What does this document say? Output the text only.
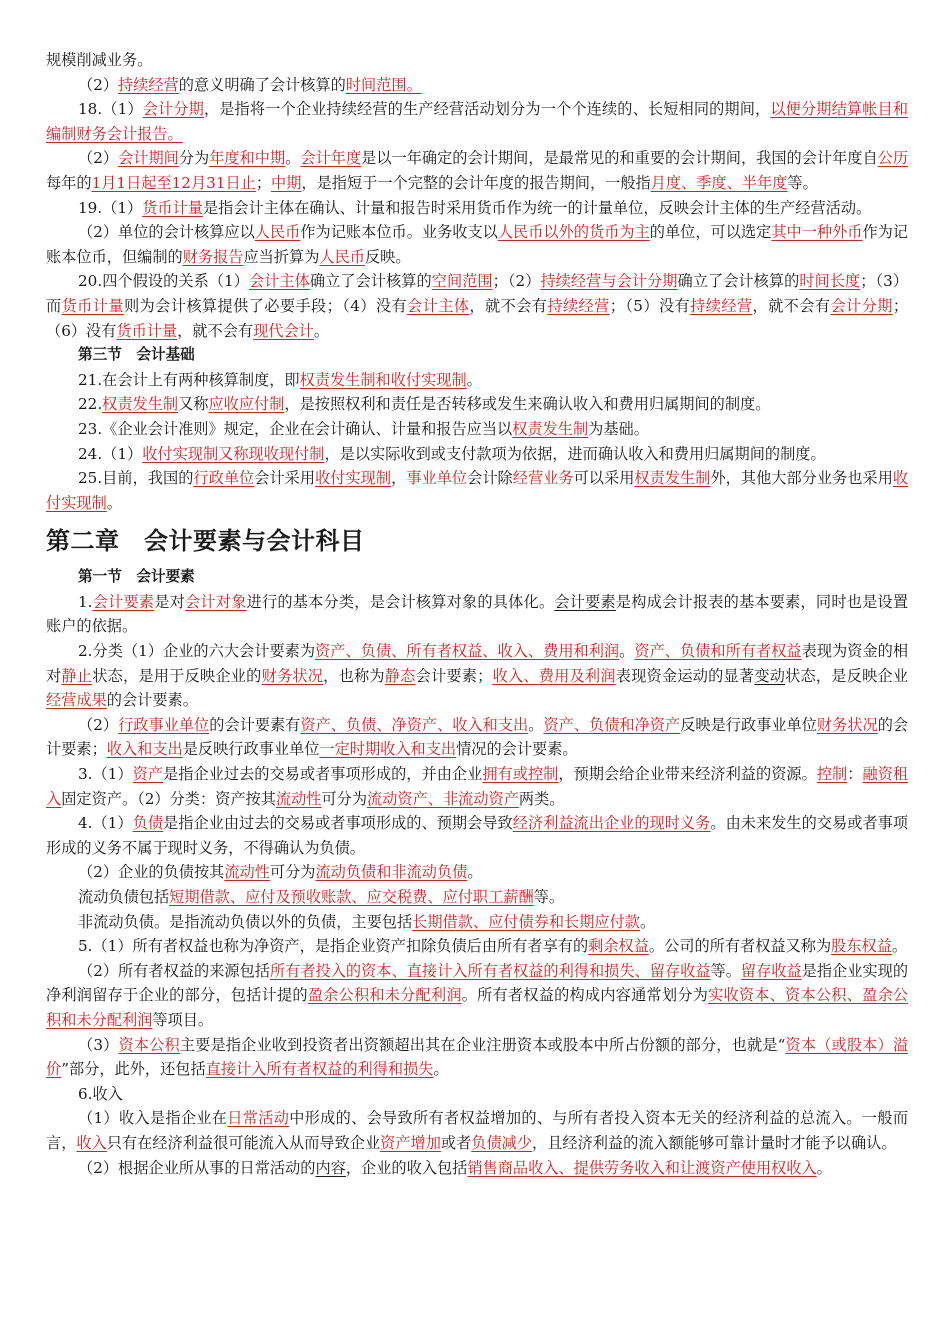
规模削减业务。

（2）持续经营的意义明确了会计核算的时间范围。

18.（1）会计分期，是指将一个企业持续经营的生产经营活动划分为一个个连续的、长短相同的期间，以便分期结算帐目和编制财务会计报告。

（2）会计期间分为年度和中期。会计年度是以一年确定的会计期间，是最常见的和重要的会计期间，我国的会计年度自公历每年的1月1日起至12月31日止；中期，是指短于一个完整的会计年度的报告期间，一般指月度、季度、半年度等。

19.（1）货币计量是指会计主体在确认、计量和报告时采用货币作为统一的计量单位，反映会计主体的生产经营活动。

（2）单位的会计核算应以人民币作为记账本位币。业务收支以人民币以外的货币为主的单位，可以选定其中一种外币作为记账本位币，但编制的财务报告应当折算为人民币反映。

20.四个假设的关系（1）会计主体确立了会计核算的空间范围；（2）持续经营与会计分期确立了会计核算的时间长度；（3）而货币计量则为会计核算提供了必要手段；（4）没有会计主体，就不会有持续经营；（5）没有持续经营，就不会有会计分期；（6）没有货币计量，就不会有现代会计。

第三节　会计基础

21.在会计上有两种核算制度，即权责发生制和收付实现制。

22.权责发生制又称应收应付制，是按照权利和责任是否转移或发生来确认收入和费用归属期间的制度。

23.《企业会计准则》规定，企业在会计确认、计量和报告应当以权责发生制为基础。

24.（1）收付实现制又称现收现付制，是以实际收到或支付款项为依据，进而确认收入和费用归属期间的制度。

25.目前，我国的行政单位会计采用收付实现制，事业单位会计除经营业务可以采用权责发生制外，其他大部分业务也采用收付实现制。

第二章　会计要素与会计科目

第一节　会计要素

1.会计要素是对会计对象进行的基本分类，是会计核算对象的具体化。会计要素是构成会计报表的基本要素，同时也是设置账户的依据。

2.分类（1）企业的六大会计要素为资产、负债、所有者权益、收入、费用和利润。资产、负债和所有者权益表现为资金的相对静止状态，是用于反映企业的财务状况，也称为静态会计要素；收入、费用及利润表现资金运动的显著变动状态，是反映企业经营成果的会计要素。

（2）行政事业单位的会计要素有资产、负债、净资产、收入和支出。资产、负债和净资产反映是行政事业单位财务状况的会计要素；收入和支出是反映行政事业单位一定时期收入和支出情况的会计要素。

3.（1）资产是指企业过去的交易或者事项形成的，并由企业拥有或控制，预期会给企业带来经济利益的资源。控制：融资租入固定资产。（2）分类：资产按其流动性可分为流动资产、非流动资产两类。

4.（1）负债是指企业由过去的交易或者事项形成的、预期会导致经济利益流出企业的现时义务。由未来发生的交易或者事项形成的义务不属于现时义务，不得确认为负债。

（2）企业的负债按其流动性可分为流动负债和非流动负债。

流动负债包括短期借款、应付及预收账款、应交税费、应付职工薪酬等。

非流动负债。是指流动负债以外的负债，主要包括长期借款、应付债券和长期应付款。

5.（1）所有者权益也称为净资产，是指企业资产扣除负债后由所有者享有的剩余权益。公司的所有者权益又称为股东权益。

（2）所有者权益的来源包括所有者投入的资本、直接计入所有者权益的利得和损失、留存收益等。留存收益是指企业实现的净利润留存于企业的部分，包括计提的盈余公积和未分配利润。所有者权益的构成内容通常划分为实收资本、资本公积、盈余公积和未分配利润等项目。

（3）资本公积主要是指企业收到投资者出资额超出其在企业注册资本或股本中所占份额的部分，也就是“资本（或股本）溢价”部分，此外，还包括直接计入所有者权益的利得和损失。

6.收入

（1）收入是指企业在日常活动中形成的、会导致所有者权益增加的、与所有者投入资本无关的经济利益的总流入。一般而言，收入只有在经济利益很可能流入从而导致企业资产增加或者负债减少，且经济利益的流入额能够可靠计量时才能予以确认。

（2）根据企业所从事的日常活动的内容，企业的收入包括销售商品收入、提供劳务收入和让渡资产使用权收入。
